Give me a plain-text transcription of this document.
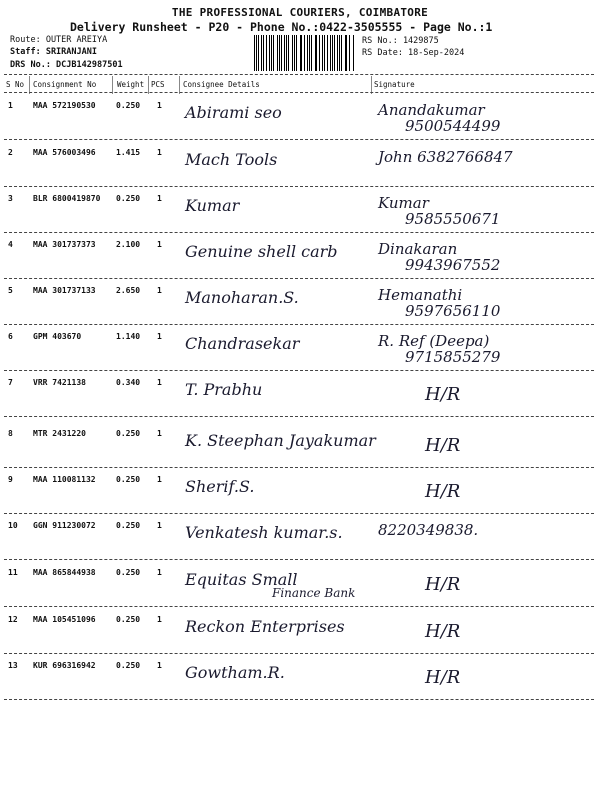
THE PROFESSIONAL COURIERS, COIMBATORE
Delivery Runsheet - P20 - Phone No.:0422-3505555 - Page No.:1
Route: OUTER AREIYA
Staff: SRIRANJANI
DRS No.: DCJB142987501
RS No.: 1429875
RS Date: 18-Sep-2024
S No Consignment No	Weight PCS Consignee Details	Signature
1	MAA 572190530	0.250 1 Abirami seo	Anandakumar
9500544499
2	MAA 576003496	1.415 1 Mach Tools	John 6382766847
3	BLR 6800419870 0.250 1 Kumar	Kumar
9585550671
4	MAA 301737373	2.100 1 Genuine shell carb	Dinakaran
9943967552
5	MAA 301737133	2.650 1 Manoharan.S.	Hemanathi
9597656110
6	GPM 403670	1.140 1 Chandrasekar	R. Ref (Deepa)
9715855279
7	VRR 7421138	0.340 1 T. Prabhu	H/R
8	MTR 2431220	0.250 1 K. Steephan Jayakumar	H/R
9	MAA 110081132	0.250 1 Sherif.S.	H/R
10 GGN 911230072	0.250 1 Venkatesh kumar.s. 8220349838.
11 MAA 865844938	0.250 1 Equitas Small
Finance Bank	H/R
12 MAA 105451096	0.250 1 Reckon Enterprises	H/R
13 KUR 696316942	0.250 1 Gowtham.R.	H/R
